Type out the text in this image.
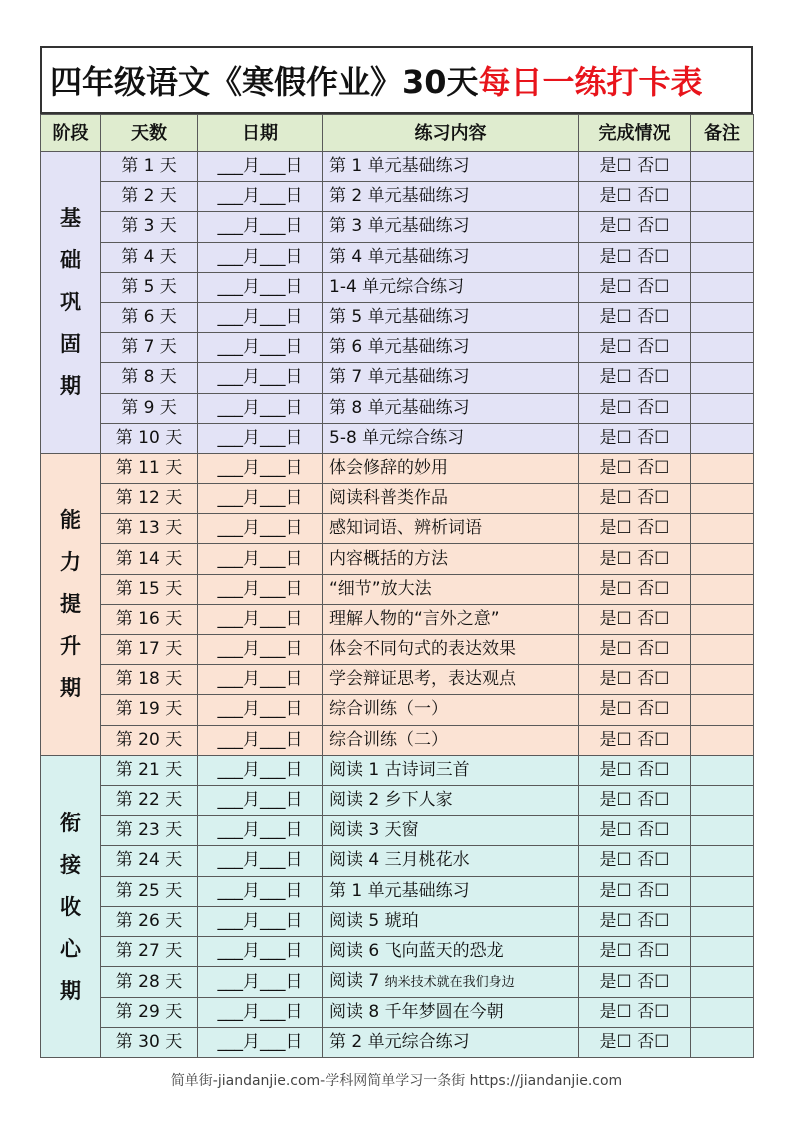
四年级语文《寒假作业》30天 每日一练打卡表
阶段	天数	日期	练习内容	完成情况	备注

基
础
巩
固
期	第 1 天	___月___日	第 1 单元基础练习	是☐ 否☐	
	第 2 天	___月___日	第 2 单元基础练习	是☐ 否☐	
	第 3 天	___月___日	第 3 单元基础练习	是☐ 否☐	
	第 4 天	___月___日	第 4 单元基础练习	是☐ 否☐	
	第 5 天	___月___日	1-4 单元综合练习	是☐ 否☐	
	第 6 天	___月___日	第 5 单元基础练习	是☐ 否☐	
	第 7 天	___月___日	第 6 单元基础练习	是☐ 否☐	
	第 8 天	___月___日	第 7 单元基础练习	是☐ 否☐	
	第 9 天	___月___日	第 8 单元基础练习	是☐ 否☐	
	第 10 天	___月___日	5-8 单元综合练习	是☐ 否☐	

能
力
提
升
期	第 11 天	___月___日	体会修辞的妙用	是☐ 否☐	
	第 12 天	___月___日	阅读科普类作品	是☐ 否☐	
	第 13 天	___月___日	感知词语、辨析词语	是☐ 否☐	
	第 14 天	___月___日	内容概括的方法	是☐ 否☐	
	第 15 天	___月___日	“细节”放大法	是☐ 否☐	
	第 16 天	___月___日	理解人物的“言外之意”	是☐ 否☐	
	第 17 天	___月___日	体会不同句式的表达效果	是☐ 否☐	
	第 18 天	___月___日	学会辩证思考，表达观点	是☐ 否☐	
	第 19 天	___月___日	综合训练（一）	是☐ 否☐	
	第 20 天	___月___日	综合训练（二）	是☐ 否☐	

衔
接
收
心
期	第 21 天	___月___日	阅读 1 古诗词三首	是☐ 否☐	
	第 22 天	___月___日	阅读 2 乡下人家	是☐ 否☐	
	第 23 天	___月___日	阅读 3 天窗	是☐ 否☐	
	第 24 天	___月___日	阅读 4 三月桃花水	是☐ 否☐	
	第 25 天	___月___日	第 1 单元基础练习	是☐ 否☐	
	第 26 天	___月___日	阅读 5 琥珀	是☐ 否☐	
	第 27 天	___月___日	阅读 6 飞向蓝天的恐龙	是☐ 否☐	
	第 28 天	___月___日	阅读 7 纳米技术就在我们身边	是☐ 否☐	
	第 29 天	___月___日	阅读 8 千年梦圆在今朝	是☐ 否☐	
	第 30 天	___月___日	第 2 单元综合练习	是☐ 否☐	
简单街-jiandanjie.com-学科网简单学习一条街 https://jiandanjie.com
